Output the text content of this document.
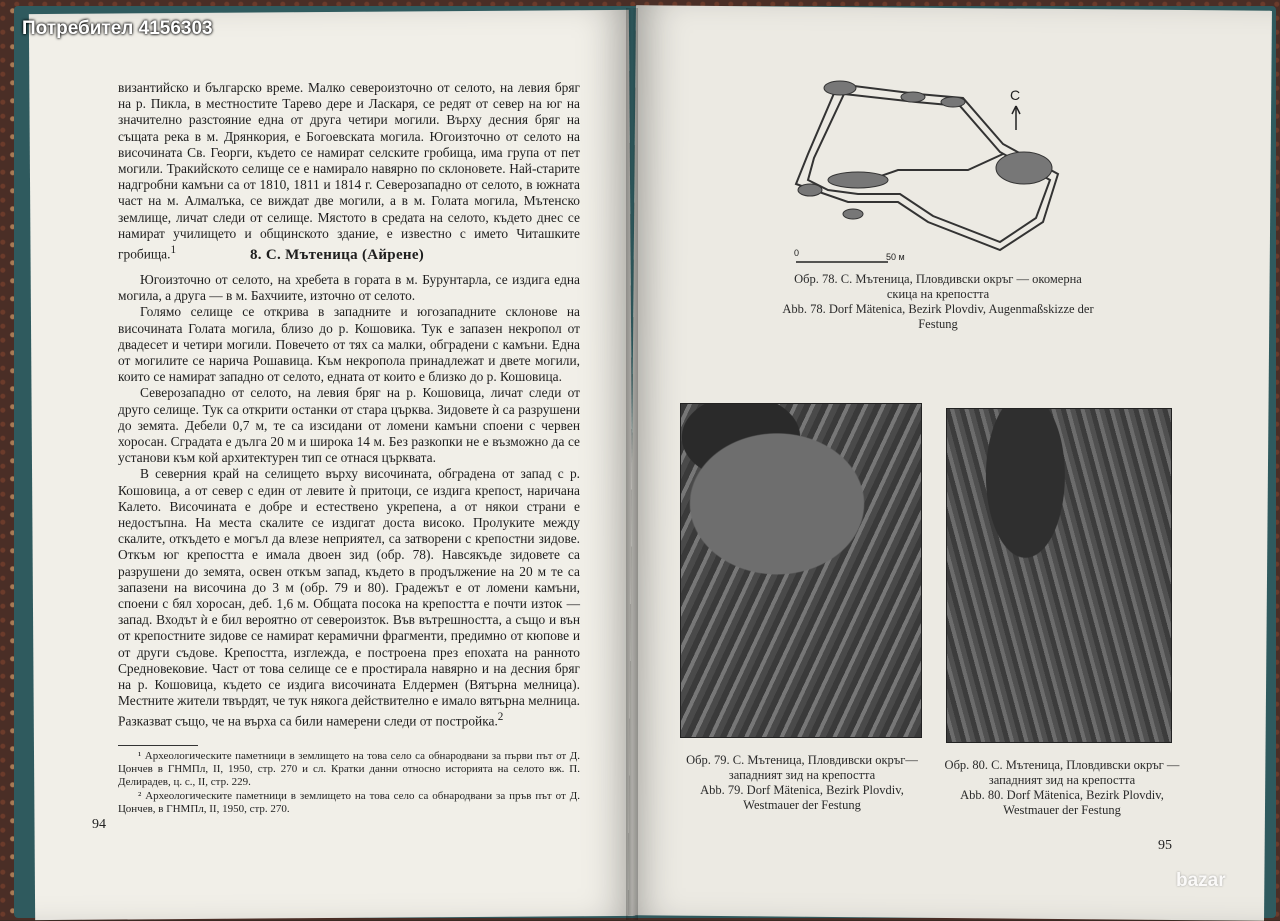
Потребител 4156303

византийско и българско време. Малко североизточно от селото, на левия бряг на р. Пикла, в местностите Тарево дере и Ласкаря, се редят от север на юг на значително разстояние една от друга четири могили. Върху десния бряг на същата река в м. Дрянкория, е Богоевската могила. Югоизточно от селото на височината Св. Георги, където се намират селските гробища, има група от пет могили. Тракийското селище се е намирало навярно по склоновете. Най-старите надгробни камъни са от 1810, 1811 и 1814 г. Северозападно от селото, в южната част на м. Алмалъка, се виждат две могили, а в м. Голата могила, Мътенско землище, личат следи от селище. Мястото в средата на селото, където днес се намират училището и общинското здание, е известно с името Читашките гробища.$^1$	8. С. Мътеница (Айрене)

Югоизточно от селото, на хребета в гората в м. Бурунтарла, се издига една могила, а друга — в м. Бахчиите, източно от селото.

Голямо селище се открива в западните и югозападните склонове на височината Голата могила, близо до р. Кошовика. Тук е запазен некропол от двадесет и четири могили. Повечето от тях са малки, обградени с камъни. Една от могилите се нарича Рошавица. Към некропола принадлежат и двете могили, които се намират западно от селото, едната от които е близко до р. Кошовица.

Северозападно от селото, на левия бряг на р. Кошовица, личат следи от друго селище. Тук са открити останки от стара църква. Зидовете ѝ са разрушени до земята. Дебели 0,7 м, те са изсидани от ломени камъни споени с червен хоросан. Сградата е дълга 20 м и широка 14 м. Без разкопки не е възможно да се установи към кой архитектурен тип се отнася църквата.

В северния край на селището върху височината, обградена от запад с р. Кошовица, а от север с един от левите ѝ притоци, се издига крепост, наричана Калето. Височината е добре и естествено укрепена, а от някои страни е недостъпна. На места скалите се издигат доста високо. Пролуките между скалите, откъдето е могъл да влезе неприятел, са затворени с крепостни зидове. Откъм юг крепостта е имала двоен зид (обр. 78). Навсякъде зидовете са разрушени до земята, освен откъм запад, където в продължение на 20 м те са запазени на височина до 3 м (обр. 79 и 80). Градежът е от ломени камъни, споени с бял хоросан, деб. 1,6 м. Общата посока на крепостта е почти изток — запад. Входът ѝ е бил вероятно от североизток. Във вътрешността, а също и вън от крепостните зидове се намират керамични фрагменти, предимно от кюпове и от други съдове. Крепостта, изглежда, е построена през епохата на ранното Средновековие. Част от това селище се е простирала навярно и на десния бряг на р. Кошовица, където се издига височината Елдермен (Вятърна мелница). Местните жители твърдят, че тук някога действително е имало вятърна мелница. Разказват също, че на върха са били намерени следи от постройка.$^2$

¹ Археологическите паметници в землището на това село са обнародвани за първи път от Д. Цончев в ГНМПл, II, 1950, стр. 270 и сл. Кратки данни относно историята на селото вж. П. Делирадев, ц. с., II, стр. 229.

² Археологическите паметници в землището на това село са обнародвани за пръв път от Д. Цончев, в ГНМПл, II, 1950, стр. 270.

94
С
0	50 м
Обр. 78. С. Мътеница, Пловдивски окръг — окомерна скица на крепостта
Abb. 78. Dorf Mätenica, Bezirk Plovdiv, Augenmaßskizze der Festung
Обр. 79. С. Мътеница, Пловдивски окръг— западният зид на крепостта
Abb. 79. Dorf Mätenica, Bezirk Plovdiv, Westmauer der Festung
Обр. 80. С. Мътеница, Пловдивски окръг — западният зид на крепостта
Abb. 80. Dorf Mätenica, Bezirk Plovdiv, Westmauer der Festung
95
bazar
